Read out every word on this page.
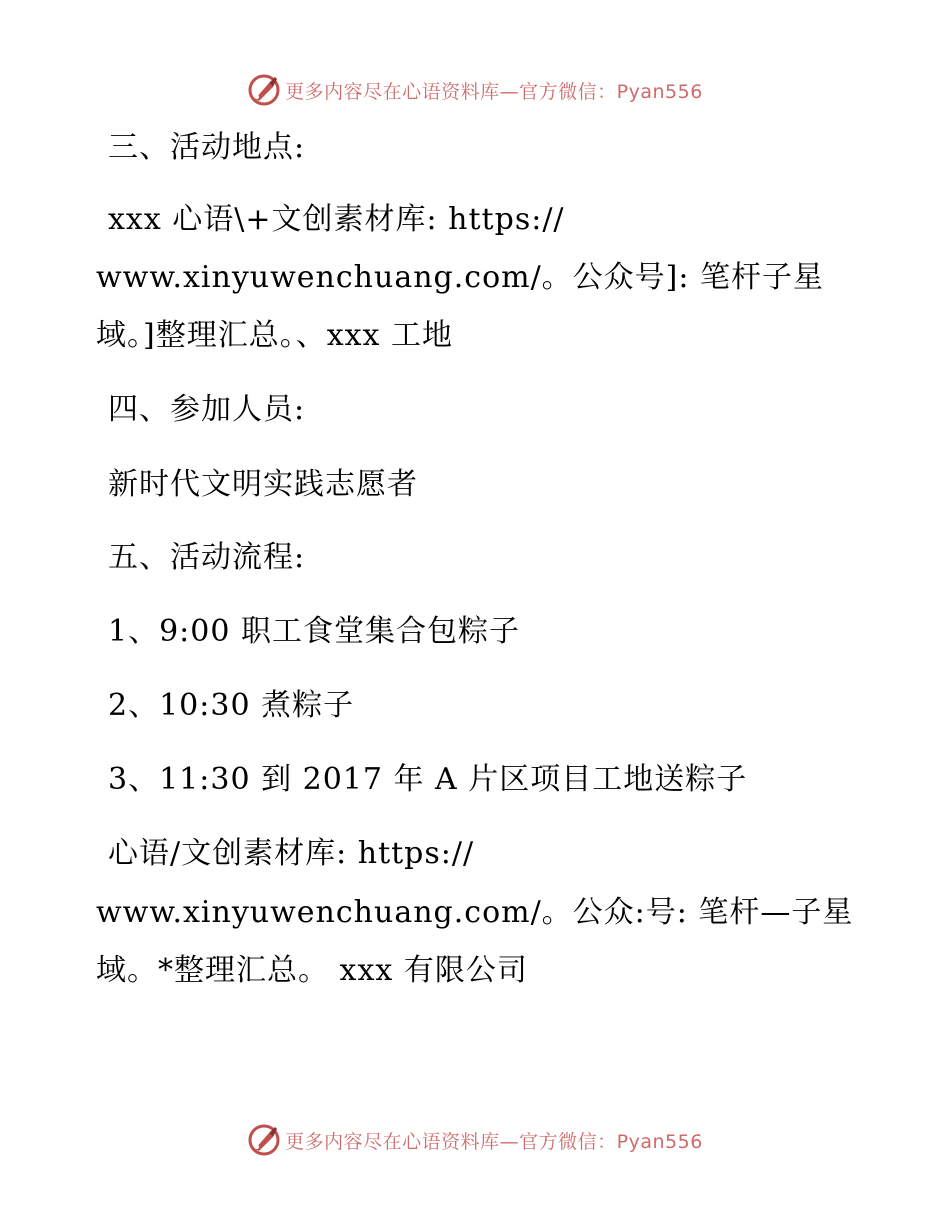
更多内容尽在心语资料库—官方微信：Pyan556
三、活动地点:
xxx 心语\+文创素材库: https://
www.xinyuwenchuang.com/。公众号]: 笔杆子星
域。]整理汇总。、xxx 工地
四、参加人员:
新时代文明实践志愿者
五、活动流程:
1、9:00 职工食堂集合包粽子
2、10:30 煮粽子
3、11:30 到 2017 年 A 片区项目工地送粽子
心语/文创素材库: https://
www.xinyuwenchuang.com/。公众:号: 笔杆—子星
域。*整理汇总。 xxx 有限公司
更多内容尽在心语资料库—官方微信：Pyan556
